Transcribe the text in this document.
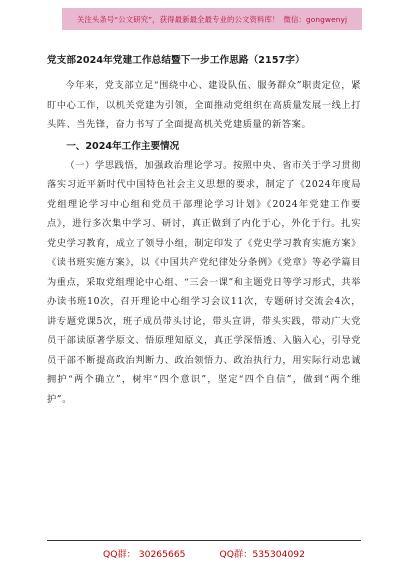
关注头条号“公文研究”，获得最新最全最专业的公文资料库！ 微信：gongwenyj
党支部2024年党建工作总结暨下一步工作思路（2157字）

今年来，党支部立足“围绕中心、建设队伍、服务群众”职责定位，紧盯中心工作，以机关党建为引领，全面推动党组织在高质量发展一线上打头阵、当先锋，奋力书写了全面提高机关党建质量的新答案。

一、2024年工作主要情况

（一）学思践悟，加强政治理论学习。按照中央、省市关于学习贯彻落实习近平新时代中国特色社会主义思想的要求，制定了《2024年度局党组理论学习中心组和党员干部理论学习计划》《2024年党建工作要点》，进行多次集中学习、研讨，真正做到了内化于心，外化于行。扎实党史学习教育，成立了领导小组，制定印发了《党史学习教育实施方案》《读书班实施方案》，以《中国共产党纪律处分条例》《党章》等必学篇目为重点，采取党组理论中心组、“三会一课”和主题党日等学习形式，共举办读书班10次，召开理论中心组学习会议11次，专题研讨交流会4次，讲专题党课5次，班子成员带头讨论，带头宣讲，带头实践，带动广大党员干部读原著学原文、悟原理知原义，真正学深悟透、入脑入心，引导党员干部不断提高政治判断力、政治领悟力、政治执行力，用实际行动忠诚拥护“两个确立”，树牢“四个意识”，坚定“四个自信”，做到“两个维护”。

QQ群： 30265665	QQ群：535304092
